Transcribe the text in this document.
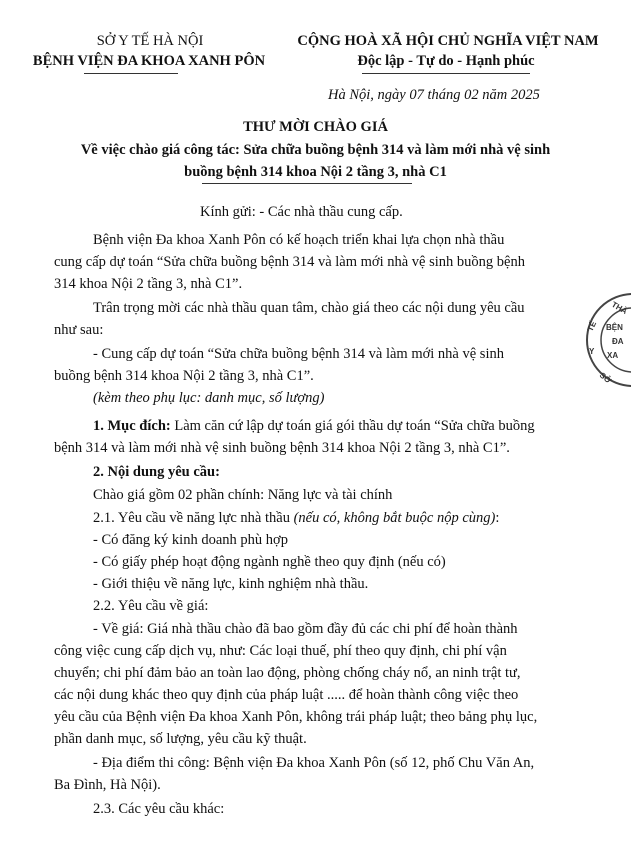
SỞ Y TẾ HÀ NỘI
BỆNH VIỆN ĐA KHOA XANH PÔN
CỘNG HOÀ XÃ HỘI CHỦ NGHĨA VIỆT NAM
Độc lập - Tự do - Hạnh phúc
Hà Nội, ngày 07 tháng 02 năm 2025
THƯ MỜI CHÀO GIÁ
Về việc chào giá công tác: Sửa chữa buồng bệnh 314 và làm mới nhà vệ sinh
buồng bệnh 314 khoa Nội 2 tầng 3, nhà C1
Kính gửi: - Các nhà thầu cung cấp.
Bệnh viện Đa khoa Xanh Pôn có kế hoạch triển khai lựa chọn nhà thầu
cung cấp dự toán “Sửa chữa buồng bệnh 314 và làm mới nhà vệ sinh buồng bệnh
314 khoa Nội 2 tầng 3, nhà C1”.
Trân trọng mời các nhà thầu quan tâm, chào giá theo các nội dung yêu cầu
như sau:
- Cung cấp dự toán “Sửa chữa buồng bệnh 314 và làm mới nhà vệ sinh
buồng bệnh 314 khoa Nội 2 tầng 3, nhà C1”.
(kèm theo phụ lục: danh mục, số lượng)
1. Mục đích: Làm căn cứ lập dự toán giá gói thầu dự toán “Sửa chữa buồng
bệnh 314 và làm mới nhà vệ sinh buồng bệnh 314 khoa Nội 2 tầng 3, nhà C1”.
2. Nội dung yêu cầu:
Chào giá gồm 02 phần chính: Năng lực và tài chính
2.1. Yêu cầu về năng lực nhà thầu (nếu có, không bắt buộc nộp cùng):
- Có đăng ký kinh doanh phù hợp
- Có giấy phép hoạt động ngành nghề theo quy định (nếu có)
- Giới thiệu về năng lực, kinh nghiệm nhà thầu.
2.2. Yêu cầu về giá:
- Về giá: Giá nhà thầu chào đã bao gồm đầy đủ các chi phí để hoàn thành
công việc cung cấp dịch vụ, như: Các loại thuế, phí theo quy định, chi phí vận
chuyển; chi phí đảm bảo an toàn lao động, phòng chống cháy nổ, an ninh trật tư,
các nội dung khác theo quy định của pháp luật ..... để hoàn thành công việc theo
yêu cầu của Bệnh viện Đa khoa Xanh Pôn, không trái pháp luật; theo bảng phụ lục,
phần danh mục, số lượng, yêu cầu kỹ thuật.
- Địa điểm thi công: Bệnh viện Đa khoa Xanh Pôn (số 12, phố Chu Văn An,
Ba Đình, Hà Nội).
2.3. Các yêu cầu khác:
THÀ
TẾ
Y
SỞ
BỆN
ĐA
XA
